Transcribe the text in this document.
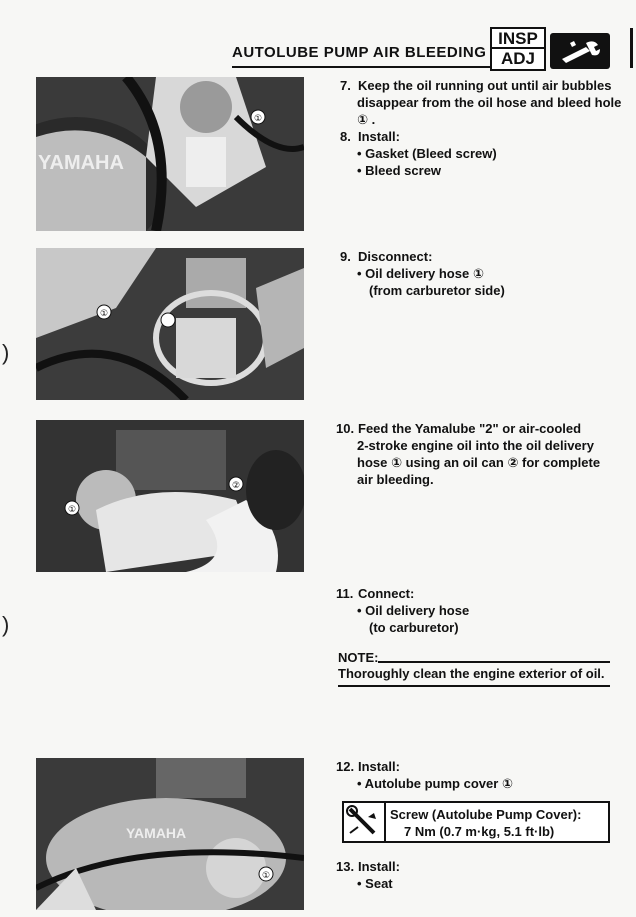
AUTOLUBE PUMP AIR BLEEDING
INSP
ADJ
①
YAMAHA
①
①
②
①
YAMAHA
)
)
7. Keep the oil running out until air bubbles
disappear from the oil hose and bleed hole
① .
8. Install:
• Gasket (Bleed screw)
• Bleed screw
9. Disconnect:
• Oil delivery hose ①
(from carburetor side)
10. Feed the Yamalube "2" or air-cooled
2-stroke engine oil into the oil delivery
hose ① using an oil can ② for complete
air bleeding.
11. Connect:
• Oil delivery hose
(to carburetor)
NOTE:
Thoroughly clean the engine exterior of oil.
12. Install:
• Autolube pump cover ①
Screw (Autolube Pump Cover):
7 Nm (0.7 m·kg, 5.1 ft·lb)
13. Install:
• Seat
